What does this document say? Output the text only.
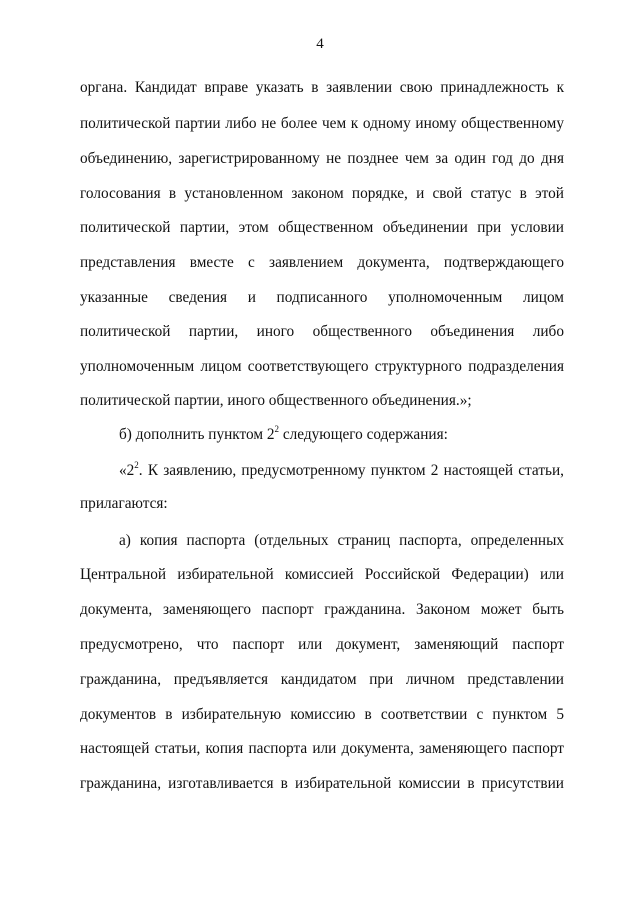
4
органа. Кандидат вправе указать в заявлении свою принадлежность к
политической партии либо не более чем к одному иному общественному
объединению, зарегистрированному не позднее чем за один год до дня
голосования в установленном законом порядке, и свой статус в этой
политической партии, этом общественном объединении при условии
представления вместе с заявлением документа, подтверждающего
указанные сведения и подписанного уполномоченным лицом
политической партии, иного общественного объединения либо
уполномоченным лицом соответствующего структурного подразделения
политической партии, иного общественного объединения.»;
б) дополнить пунктом $2^2$ следующего содержания:
«$2^2$. К заявлению, предусмотренному пунктом 2 настоящей статьи,
прилагаются:
а) копия паспорта (отдельных страниц паспорта, определенных
Центральной избирательной комиссией Российской Федерации) или
документа, заменяющего паспорт гражданина. Законом может быть
предусмотрено, что паспорт или документ, заменяющий паспорт
гражданина, предъявляется кандидатом при личном представлении
документов в избирательную комиссию в соответствии с пунктом 5
настоящей статьи, копия паспорта или документа, заменяющего паспорт
гражданина, изготавливается в избирательной комиссии в присутствии
